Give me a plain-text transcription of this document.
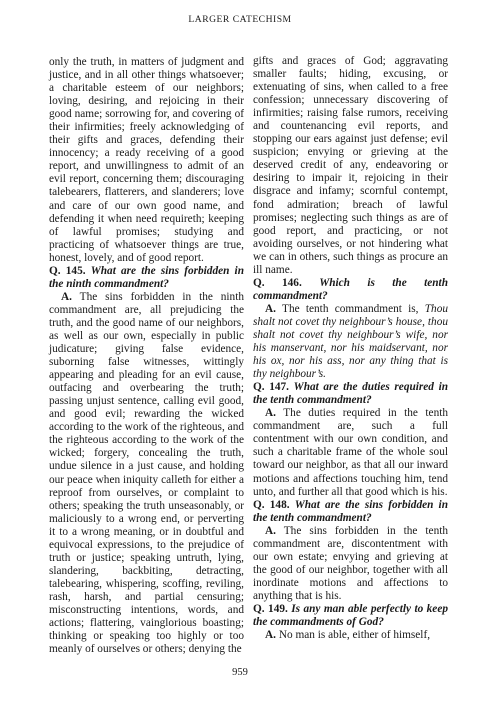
LARGER CATECHISM

only the truth, in matters of judgment and justice, and in all other things whatsoever; a charitable esteem of our neighbors; loving, desiring, and rejoicing in their good name; sorrowing for, and covering of their infirmities; freely acknowledging of their gifts and graces, defending their innocency; a ready receiving of a good report, and unwillingness to admit of an evil report, concerning them; discouraging talebearers, flatterers, and slanderers; love and care of our own good name, and defending it when need requireth; keeping of lawful promises; studying and practicing of whatsoever things are true, honest, lovely, and of good report.

Q. 145. What are the sins forbidden in the ninth commandment?

A. The sins forbidden in the ninth commandment are, all prejudicing the truth, and the good name of our neighbors, as well as our own, especially in public judicature; giving false evidence, suborning false witnesses, wittingly appearing and pleading for an evil cause, outfacing and overbearing the truth; passing unjust sentence, calling evil good, and good evil; rewarding the wicked according to the work of the righteous, and the righteous according to the work of the wicked; forgery, concealing the truth, undue silence in a just cause, and holding our peace when iniquity calleth for either a reproof from ourselves, or complaint to others; speaking the truth unseasonably, or maliciously to a wrong end, or perverting it to a wrong meaning, or in doubtful and equivocal expressions, to the prejudice of truth or justice; speaking untruth, lying, slandering, backbiting, detracting, talebearing, whispering, scoffing, reviling, rash, harsh, and partial censuring; misconstructing intentions, words, and actions; flattering, vainglorious boasting; thinking or speaking too highly or too meanly of ourselves or others; denying the

gifts and graces of God; aggravating smaller faults; hiding, excusing, or extenuating of sins, when called to a free confession; unnecessary discovering of infirmities; raising false rumors, receiving and countenancing evil reports, and stopping our ears against just defense; evil suspicion; envying or grieving at the deserved credit of any, endeavoring or desiring to impair it, rejoicing in their disgrace and infamy; scornful contempt, fond admiration; breach of lawful promises; neglecting such things as are of good report, and practicing, or not avoiding ourselves, or not hindering what we can in others, such things as procure an ill name.

Q. 146. Which is the tenth commandment?

A. The tenth commandment is, Thou shalt not covet thy neighbour’s house, thou shalt not covet thy neighbour’s wife, nor his manservant, nor his maidservant, nor his ox, nor his ass, nor any thing that is thy neighbour’s.

Q. 147. What are the duties required in the tenth commandment?

A. The duties required in the tenth commandment are, such a full contentment with our own condition, and such a charitable frame of the whole soul toward our neighbor, as that all our inward motions and affections touching him, tend unto, and further all that good which is his.

Q. 148. What are the sins forbidden in the tenth commandment?

A. The sins forbidden in the tenth commandment are, discontentment with our own estate; envying and grieving at the good of our neighbor, together with all inordinate motions and affections to anything that is his.

Q. 149. Is any man able perfectly to keep the commandments of God?

A. No man is able, either of himself,

959
